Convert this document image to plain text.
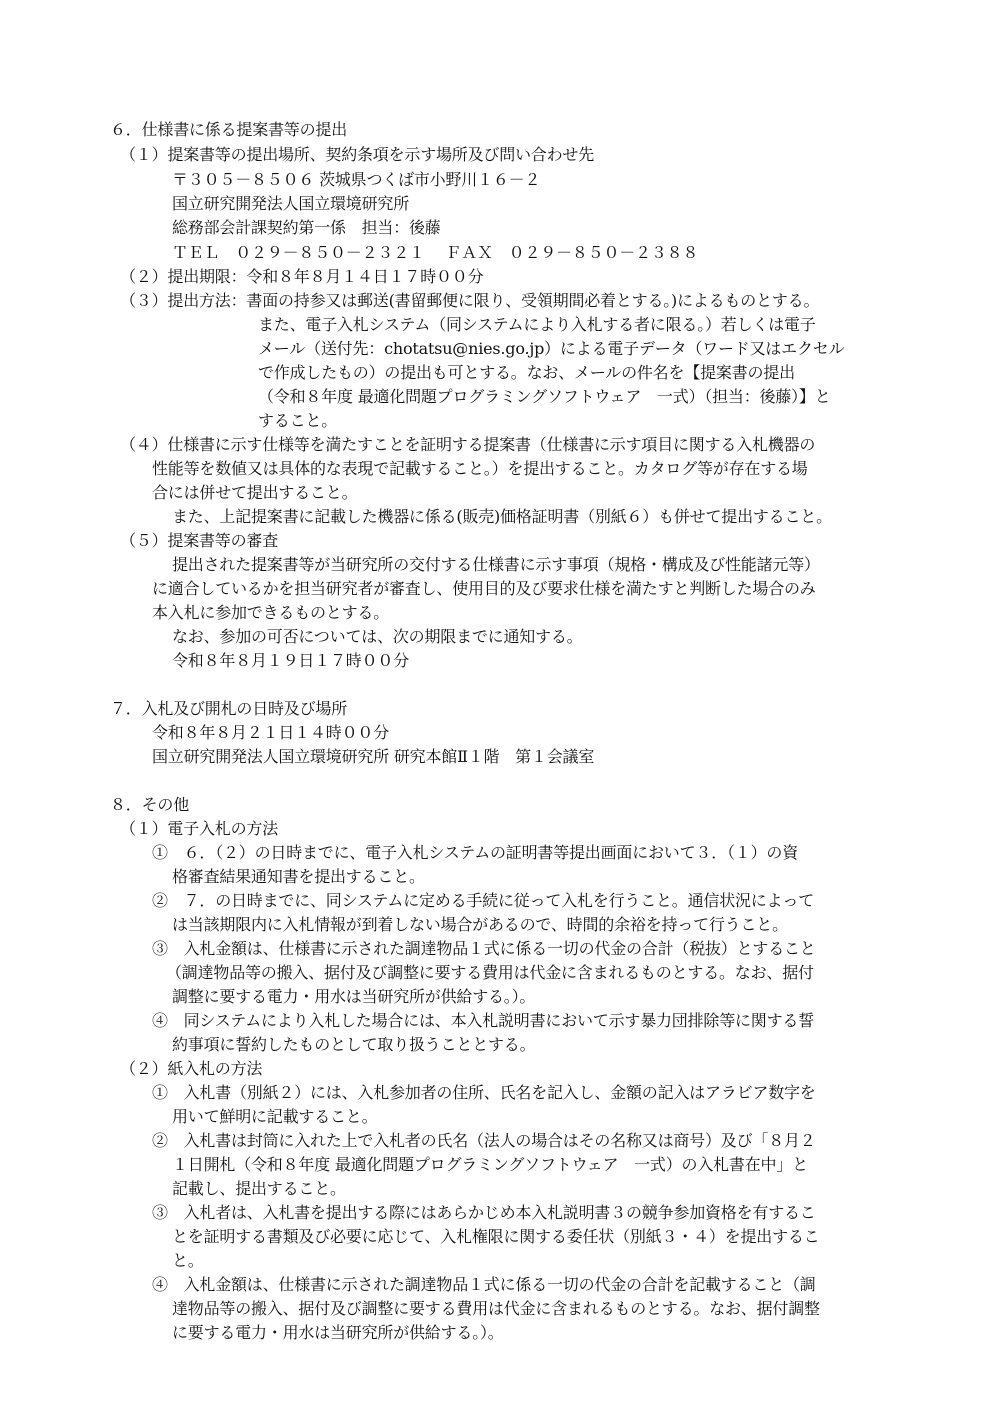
６．仕様書に係る提案書等の提出
（１）提案書等の提出場所、契約条項を示す場所及び問い合わせ先
〒３０５－８５０６ 茨城県つくば市小野川１６－２
国立研究開発法人国立環境研究所
総務部会計課契約第一係　担当：後藤
ＴＥＬ　０２９－８５０－２３２１　 ＦＡＸ　０２９－８５０－２３８８
（２）提出期限：令和８年８月１４日１７時００分
（３）提出方法：書面の持参又は郵送(書留郵便に限り、受領期間必着とする。)によるものとする。
また、電子入札システム（同システムにより入札する者に限る。）若しくは電子
メール（送付先：chotatsu@nies.go.jp）による電子データ（ワード又はエクセル
で作成したもの）の提出も可とする。なお、メールの件名を【提案書の提出
（令和８年度 最適化問題プログラミングソフトウェア　一式）（担当：後藤）】と
すること。
（４）仕様書に示す仕様等を満たすことを証明する提案書（仕様書に示す項目に関する入札機器の
性能等を数値又は具体的な表現で記載すること。）を提出すること。カタログ等が存在する場
合には併せて提出すること。
また、上記提案書に記載した機器に係る(販売)価格証明書（別紙６）も併せて提出すること。
（５）提案書等の審査
提出された提案書等が当研究所の交付する仕様書に示す事項（規格・構成及び性能諸元等）
に適合しているかを担当研究者が審査し、使用目的及び要求仕様を満たすと判断した場合のみ
本入札に参加できるものとする。
なお、参加の可否については、次の期限までに通知する。
令和８年８月１９日１７時００分
７．入札及び開札の日時及び場所
令和８年８月２１日１４時００分
国立研究開発法人国立環境研究所 研究本館Ⅱ１階　第１会議室
８．その他
（１）電子入札の方法
①　６．（２）の日時までに、電子入札システムの証明書等提出画面において３．（１）の資
格審査結果通知書を提出すること。
②　７．の日時までに、同システムに定める手続に従って入札を行うこと。通信状況によって
は当該期限内に入札情報が到着しない場合があるので、時間的余裕を持って行うこと。
③　入札金額は、仕様書に示された調達物品１式に係る一切の代金の合計（税抜）とすること
（調達物品等の搬入、据付及び調整に要する費用は代金に含まれるものとする。なお、据付
調整に要する電力・用水は当研究所が供給する。）。
④　同システムにより入札した場合には、本入札説明書において示す暴力団排除等に関する誓
約事項に誓約したものとして取り扱うこととする。
（２）紙入札の方法
①　入札書（別紙２）には、入札参加者の住所、氏名を記入し、金額の記入はアラビア数字を
用いて鮮明に記載すること。
②　入札書は封筒に入れた上で入札者の氏名（法人の場合はその名称又は商号）及び「８月２
１日開札（令和８年度 最適化問題プログラミングソフトウェア　一式）の入札書在中」と
記載し、提出すること。
③　入札者は、入札書を提出する際にはあらかじめ本入札説明書３の競争参加資格を有するこ
とを証明する書類及び必要に応じて、入札権限に関する委任状（別紙３・４）を提出するこ
と。
④　入札金額は、仕様書に示された調達物品１式に係る一切の代金の合計を記載すること（調
達物品等の搬入、据付及び調整に要する費用は代金に含まれるものとする。なお、据付調整
に要する電力・用水は当研究所が供給する。）。
